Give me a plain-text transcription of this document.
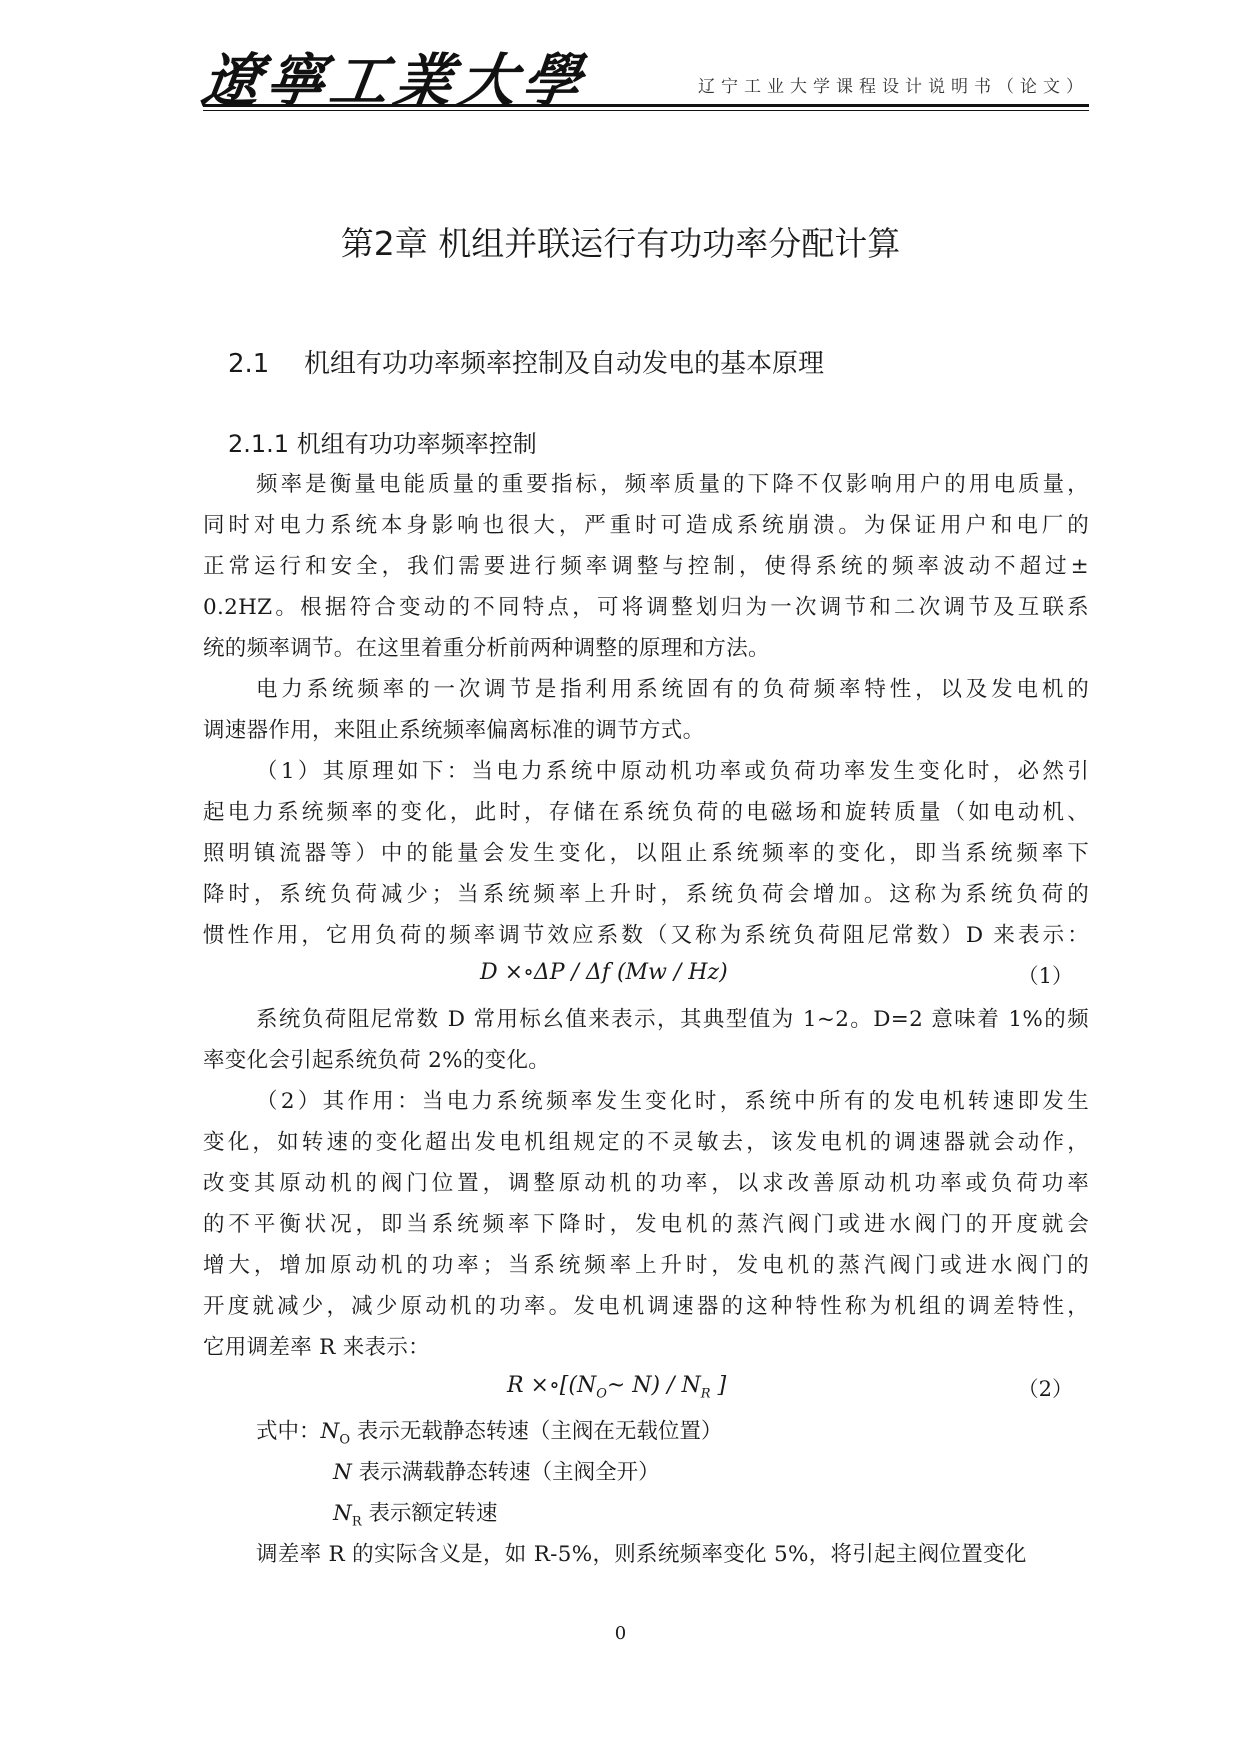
遼寧工業大學	辽宁工业大学课程设计说明书（论文）
第2章 机组并联运行有功功率分配计算
2.1 机组有功功率频率控制及自动发电的基本原理
2.1.1 机组有功功率频率控制
频率是衡量电能质量的重要指标，频率质量的下降不仅影响用户的用电质量，
同时对电力系统本身影响也很大，严重时可造成系统崩溃。为保证用户和电厂的
正常运行和安全，我们需要进行频率调整与控制，使得系统的频率波动不超过±
0.2HZ。根据符合变动的不同特点，可将调整划归为一次调节和二次调节及互联系
统的频率调节。在这里着重分析前两种调整的原理和方法。
电力系统频率的一次调节是指利用系统固有的负荷频率特性，以及发电机的
调速器作用，来阻止系统频率偏离标准的调节方式。
（1）其原理如下：当电力系统中原动机功率或负荷功率发生变化时，必然引
起电力系统频率的变化，此时，存储在系统负荷的电磁场和旋转质量（如电动机、
照明镇流器等）中的能量会发生变化，以阻止系统频率的变化，即当系统频率下
降时，系统负荷减少；当系统频率上升时，系统负荷会增加。这称为系统负荷的
惯性作用，它用负荷的频率调节效应系数（又称为系统负荷阻尼常数）D 来表示：
D ×∘ΔP / Δf (Mw / Hz)	（1）
系统负荷阻尼常数 D 常用标幺值来表示，其典型值为 1~2。D=2 意味着 1%的频
率变化会引起系统负荷 2%的变化。
（2）其作用：当电力系统频率发生变化时，系统中所有的发电机转速即发生
变化，如转速的变化超出发电机组规定的不灵敏去，该发电机的调速器就会动作，
改变其原动机的阀门位置，调整原动机的功率，以求改善原动机功率或负荷功率
的不平衡状况，即当系统频率下降时，发电机的蒸汽阀门或进水阀门的开度就会
增大，增加原动机的功率；当系统频率上升时，发电机的蒸汽阀门或进水阀门的
开度就减少，减少原动机的功率。发电机调速器的这种特性称为机组的调差特性，
它用调差率 R 来表示：
$R \times\circ[(N_O\sim$ $N) / N_R$ ]	（2）
式中：$N_O$ 表示无载静态转速（主阀在无载位置）
N 表示满载静态转速（主阀全开）
$N_R$ 表示额定转速
调差率 R 的实际含义是，如 R-5%，则系统频率变化 5%，将引起主阀位置变化
0
